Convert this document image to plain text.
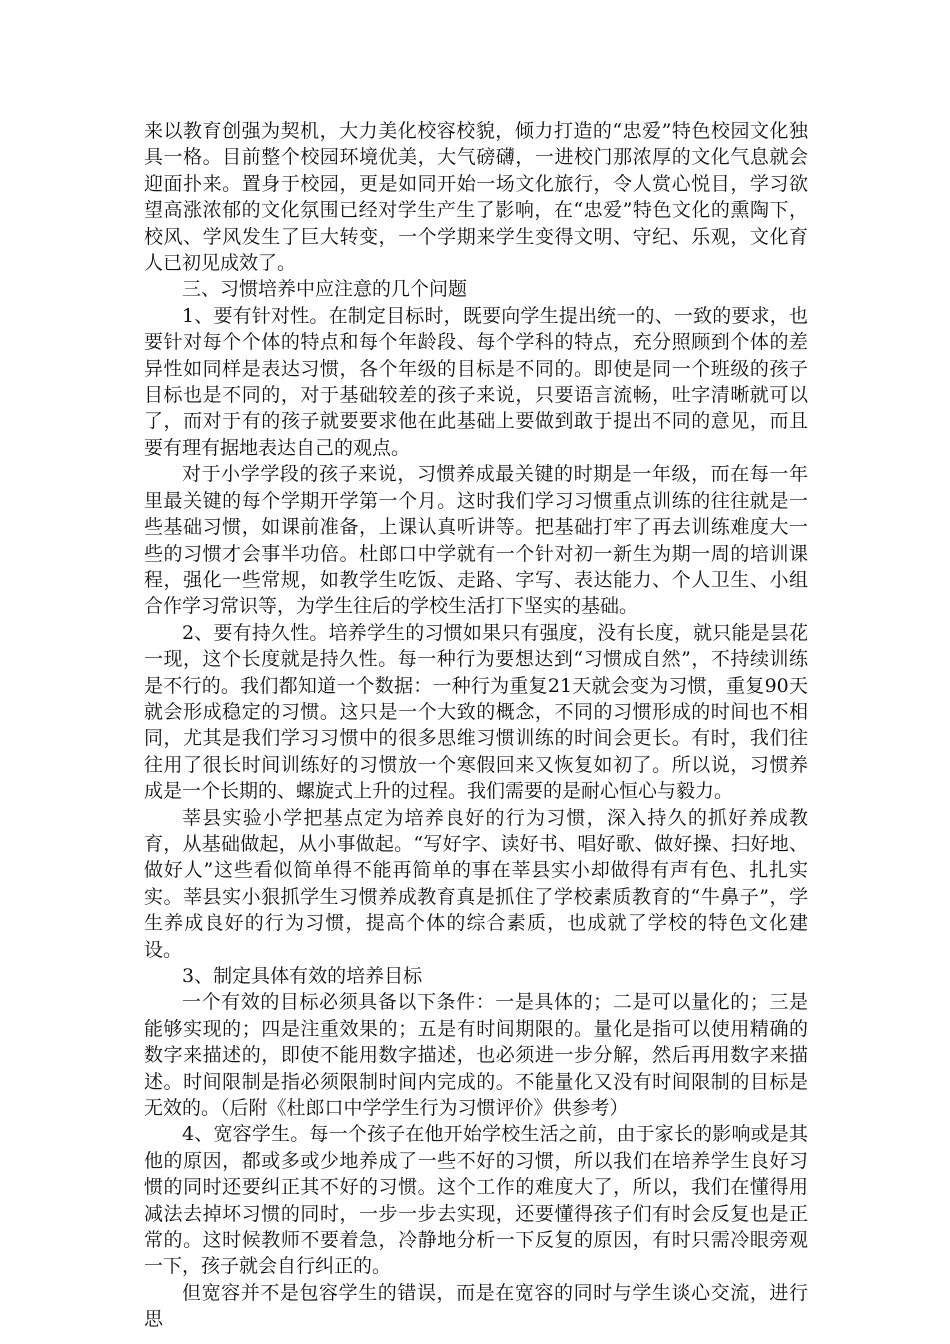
来以教育创强为契机，大力美化校容校貌，倾力打造的“忠爱”特色校园文化独具一格。目前整个校园环境优美，大气磅礴，一进校门那浓厚的文化气息就会迎面扑来。置身于校园，更是如同开始一场文化旅行，令人赏心悦目，学习欲望高涨浓郁的文化氛围已经对学生产生了影响，在“忠爱”特色文化的熏陶下，校风、学风发生了巨大转变，一个学期来学生变得文明、守纪、乐观，文化育人已初见成效了。

三、习惯培养中应注意的几个问题

1、要有针对性。在制定目标时，既要向学生提出统一的、一致的要求，也要针对每个个体的特点和每个年龄段、每个学科的特点，充分照顾到个体的差异性如同样是表达习惯，各个年级的目标是不同的。即使是同一个班级的孩子目标也是不同的，对于基础较差的孩子来说，只要语言流畅，吐字清晰就可以了，而对于有的孩子就要要求他在此基础上要做到敢于提出不同的意见，而且要有理有据地表达自己的观点。

对于小学学段的孩子来说，习惯养成最关键的时期是一年级，而在每一年里最关键的每个学期开学第一个月。这时我们学习习惯重点训练的往往就是一些基础习惯，如课前准备，上课认真听讲等。把基础打牢了再去训练难度大一些的习惯才会事半功倍。杜郎口中学就有一个针对初一新生为期一周的培训课程，强化一些常规，如教学生吃饭、走路、字写、表达能力、个人卫生、小组合作学习常识等，为学生往后的学校生活打下坚实的基础。

2、要有持久性。培养学生的习惯如果只有强度，没有长度，就只能是昙花一现，这个长度就是持久性。每一种行为要想达到“习惯成自然”，不持续训练是不行的。我们都知道一个数据：一种行为重复21天就会变为习惯，重复90天就会形成稳定的习惯。这只是一个大致的概念，不同的习惯形成的时间也不相同，尤其是我们学习习惯中的很多思维习惯训练的时间会更长。有时，我们往往用了很长时间训练好的习惯放一个寒假回来又恢复如初了。所以说，习惯养成是一个长期的、螺旋式上升的过程。我们需要的是耐心恒心与毅力。

莘县实验小学把基点定为培养良好的行为习惯，深入持久的抓好养成教育，从基础做起，从小事做起。“写好字、读好书、唱好歌、做好操、扫好地、做好人”这些看似简单得不能再简单的事在莘县实小却做得有声有色、扎扎实实。莘县实小狠抓学生习惯养成教育真是抓住了学校素质教育的“牛鼻子”，学生养成良好的行为习惯，提高个体的综合素质，也成就了学校的特色文化建设。

3、制定具体有效的培养目标

一个有效的目标必须具备以下条件：一是具体的；二是可以量化的；三是能够实现的；四是注重效果的；五是有时间期限的。量化是指可以使用精确的数字来描述的，即使不能用数字描述，也必须进一步分解，然后再用数字来描述。时间限制是指必须限制时间内完成的。不能量化又没有时间限制的目标是无效的。（后附《杜郎口中学学生行为习惯评价》供参考）

4、宽容学生。每一个孩子在他开始学校生活之前，由于家长的影响或是其他的原因，都或多或少地养成了一些不好的习惯，所以我们在培养学生良好习惯的同时还要纠正其不好的习惯。这个工作的难度大了，所以，我们在懂得用减法去掉坏习惯的同时，一步一步去实现，还要懂得孩子们有时会反复也是正常的。这时候教师不要着急，冷静地分析一下反复的原因，有时只需冷眼旁观一下，孩子就会自行纠正的。

但宽容并不是包容学生的错误，而是在宽容的同时与学生谈心交流，进行思
